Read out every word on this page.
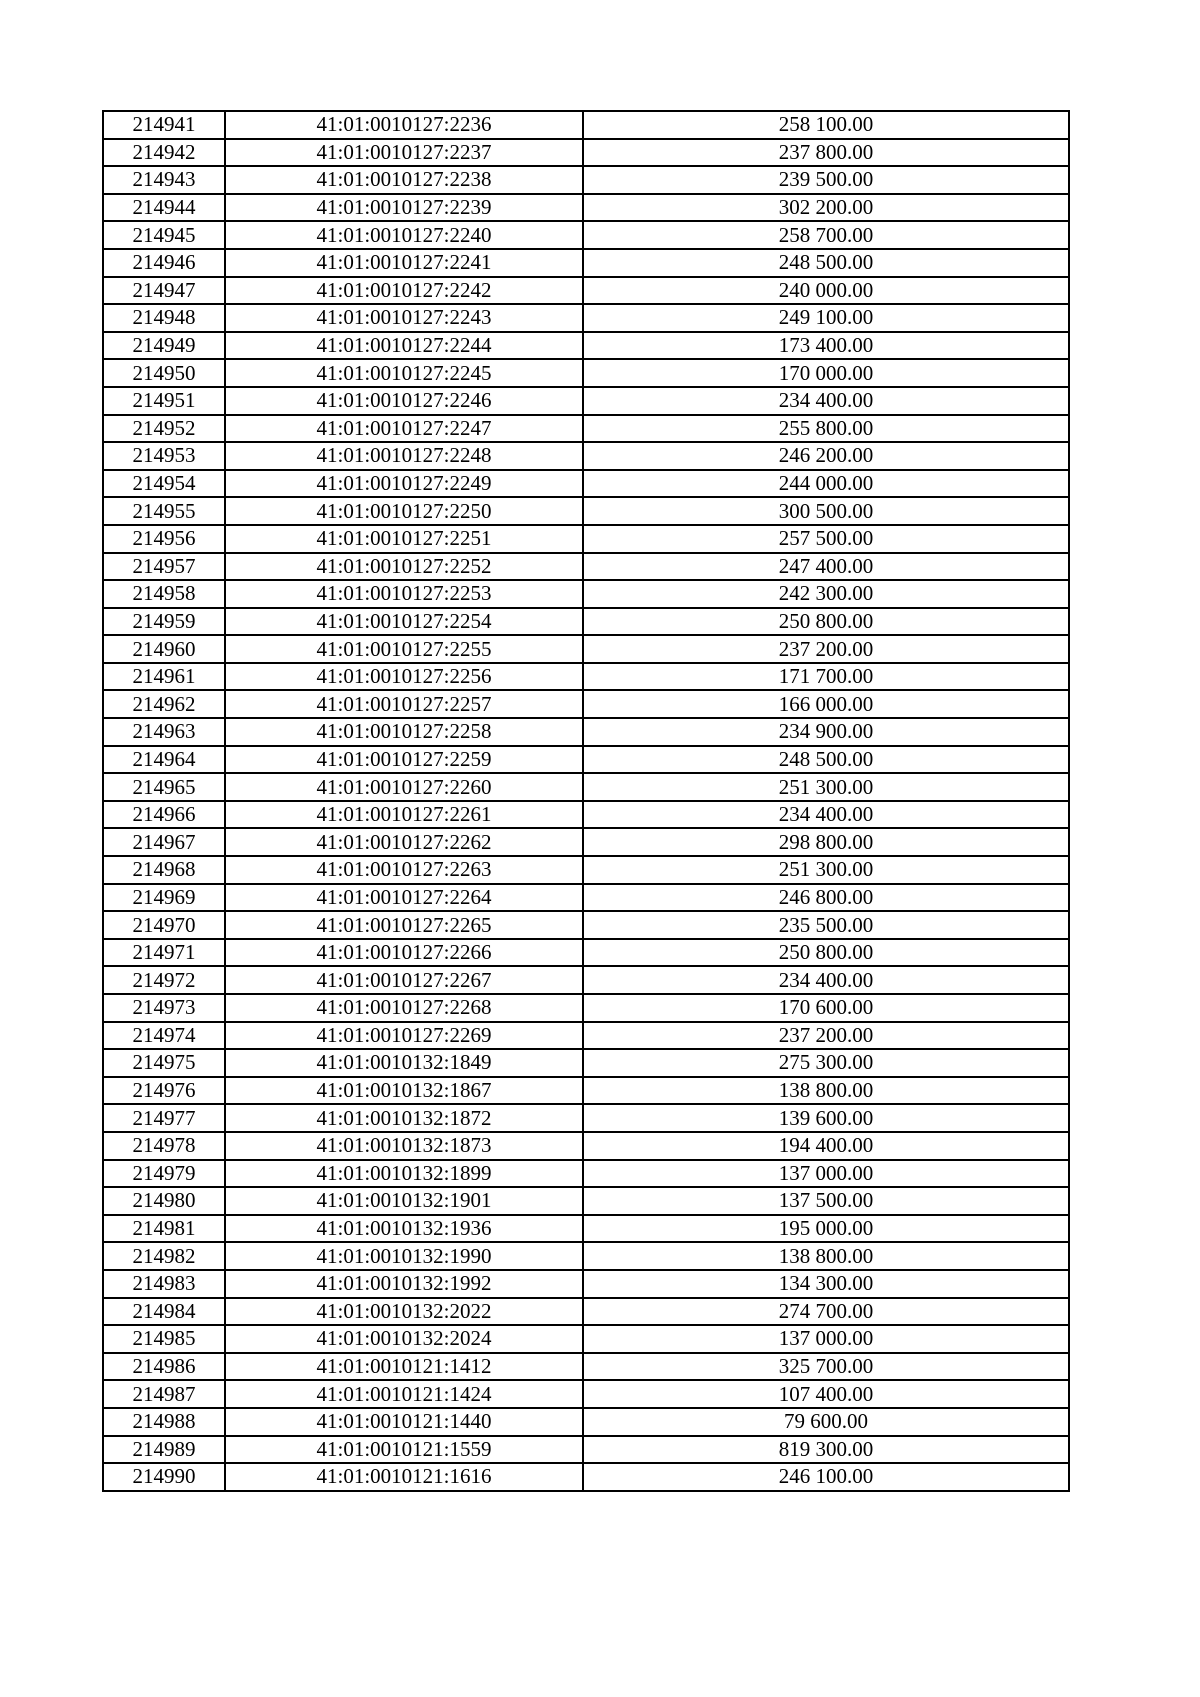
214941	41:01:0010127:2236	258 100.00
214942	41:01:0010127:2237	237 800.00
214943	41:01:0010127:2238	239 500.00
214944	41:01:0010127:2239	302 200.00
214945	41:01:0010127:2240	258 700.00
214946	41:01:0010127:2241	248 500.00
214947	41:01:0010127:2242	240 000.00
214948	41:01:0010127:2243	249 100.00
214949	41:01:0010127:2244	173 400.00
214950	41:01:0010127:2245	170 000.00
214951	41:01:0010127:2246	234 400.00
214952	41:01:0010127:2247	255 800.00
214953	41:01:0010127:2248	246 200.00
214954	41:01:0010127:2249	244 000.00
214955	41:01:0010127:2250	300 500.00
214956	41:01:0010127:2251	257 500.00
214957	41:01:0010127:2252	247 400.00
214958	41:01:0010127:2253	242 300.00
214959	41:01:0010127:2254	250 800.00
214960	41:01:0010127:2255	237 200.00
214961	41:01:0010127:2256	171 700.00
214962	41:01:0010127:2257	166 000.00
214963	41:01:0010127:2258	234 900.00
214964	41:01:0010127:2259	248 500.00
214965	41:01:0010127:2260	251 300.00
214966	41:01:0010127:2261	234 400.00
214967	41:01:0010127:2262	298 800.00
214968	41:01:0010127:2263	251 300.00
214969	41:01:0010127:2264	246 800.00
214970	41:01:0010127:2265	235 500.00
214971	41:01:0010127:2266	250 800.00
214972	41:01:0010127:2267	234 400.00
214973	41:01:0010127:2268	170 600.00
214974	41:01:0010127:2269	237 200.00
214975	41:01:0010132:1849	275 300.00
214976	41:01:0010132:1867	138 800.00
214977	41:01:0010132:1872	139 600.00
214978	41:01:0010132:1873	194 400.00
214979	41:01:0010132:1899	137 000.00
214980	41:01:0010132:1901	137 500.00
214981	41:01:0010132:1936	195 000.00
214982	41:01:0010132:1990	138 800.00
214983	41:01:0010132:1992	134 300.00
214984	41:01:0010132:2022	274 700.00
214985	41:01:0010132:2024	137 000.00
214986	41:01:0010121:1412	325 700.00
214987	41:01:0010121:1424	107 400.00
214988	41:01:0010121:1440	79 600.00
214989	41:01:0010121:1559	819 300.00
214990	41:01:0010121:1616	246 100.00
